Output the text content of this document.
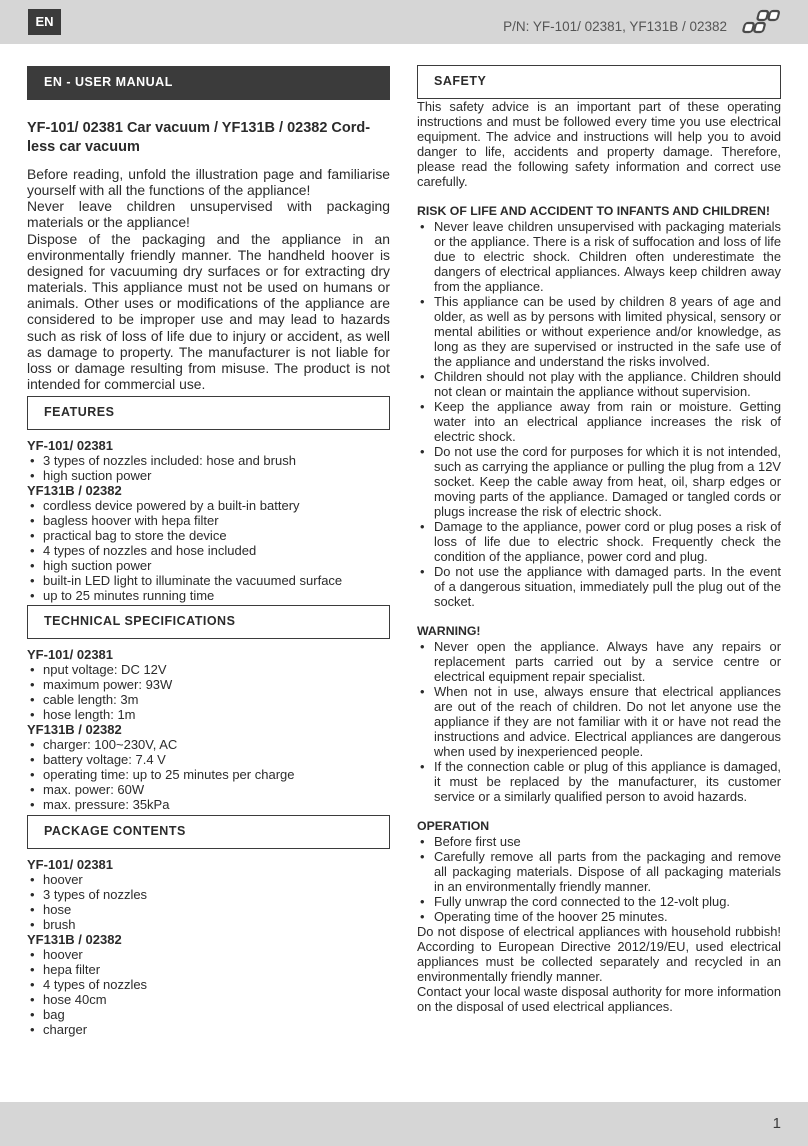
EN	P/N: YF-101/ 02381, YF131B / 02382
EN - USER MANUAL
YF-101/ 02381 Car vacuum / YF131B / 02382 Cord-
less car vacuum

Before reading, unfold the illustration page and familiarise yourself with all the functions of the appliance!

Never leave children unsupervised with packaging materials or the appliance!

Dispose of the packaging and the appliance in an environmentally friendly manner. The handheld hoover is designed for vacuuming dry surfaces or for extracting dry materials. This appliance must not be used on humans or animals. Other uses or modifications of the appliance are considered to be improper use and may lead to hazards such as risk of loss of life due to injury or accident, as well as damage to property. The manufacturer is not liable for loss or damage resulting from misuse. The product is not intended for commercial use.

FEATURES
YF-101/ 02381
• 3 types of nozzles included: hose and brush
• high suction power
YF131B / 02382
• cordless device powered by a built-in battery
• bagless hoover with hepa filter
• practical bag to store the device
• 4 types of nozzles and hose included
• high suction power
• built-in LED light to illuminate the vacuumed surface
• up to 25 minutes running time
TECHNICAL SPECIFICATIONS
YF-101/ 02381
• nput voltage: DC 12V
• maximum power: 93W
• cable length: 3m
• hose length: 1m
YF131B / 02382
• charger: 100~230V, AC
• battery voltage: 7.4 V
• operating time: up to 25 minutes per charge
• max. power: 60W
• max. pressure: 35kPa
PACKAGE CONTENTS
YF-101/ 02381
• hoover
• 3 types of nozzles
• hose
• brush
YF131B / 02382
• hoover
• hepa filter
• 4 types of nozzles
• hose 40cm
• bag
• charger
SAFETY

This safety advice is an important part of these operating instructions and must be followed every time you use electrical equipment. The advice and instructions will help you to avoid danger to life, accidents and property damage. Therefore, please read the following safety information and correct use carefully.

RISK OF LIFE AND ACCIDENT TO INFANTS AND CHILDREN!
• Never leave children unsupervised with packaging materials or the appliance. There is a risk of suffocation and loss of life due to electric shock. Children often underestimate the dangers of electrical appliances. Always keep children away from the appliance.
• This appliance can be used by children 8 years of age and older, as well as by persons with limited physical, sensory or mental abilities or without experience and/or knowledge, as long as they are supervised or instructed in the safe use of the appliance and understand the risks involved.
• Children should not play with the appliance. Children should not clean or maintain the appliance without supervision.
• Keep the appliance away from rain or moisture. Getting water into an electrical appliance increases the risk of electric shock.
• Do not use the cord for purposes for which it is not intended, such as carrying the appliance or pulling the plug from a 12V socket. Keep the cable away from heat, oil, sharp edges or moving parts of the appliance. Damaged or tangled cords or plugs increase the risk of electric shock.
• Damage to the appliance, power cord or plug poses a risk of loss of life due to electric shock. Frequently check the condition of the appliance, power cord and plug.
• Do not use the appliance with damaged parts. In the event of a dangerous situation, immediately pull the plug out of the socket.
WARNING!
• Never open the appliance. Always have any repairs or replacement parts carried out by a service centre or electrical equipment repair specialist.
• When not in use, always ensure that electrical appliances are out of the reach of children. Do not let anyone use the appliance if they are not familiar with it or have not read the instructions and advice. Electrical appliances are dangerous when used by inexperienced people.
• If the connection cable or plug of this appliance is damaged, it must be replaced by the manufacturer, its customer service or a similarly qualified person to avoid hazards.
OPERATION
• Before first use
• Carefully remove all parts from the packaging and remove all packaging materials. Dispose of all packaging materials in an environmentally friendly manner.
• Fully unwrap the cord connected to the 12-volt plug.
• Operating time of the hoover 25 minutes.

Do not dispose of electrical appliances with household rubbish! According to European Directive 2012/19/EU, used electrical appliances must be collected separately and recycled in an environmentally friendly manner.

Contact your local waste disposal authority for more information on the disposal of used electrical appliances.

1
